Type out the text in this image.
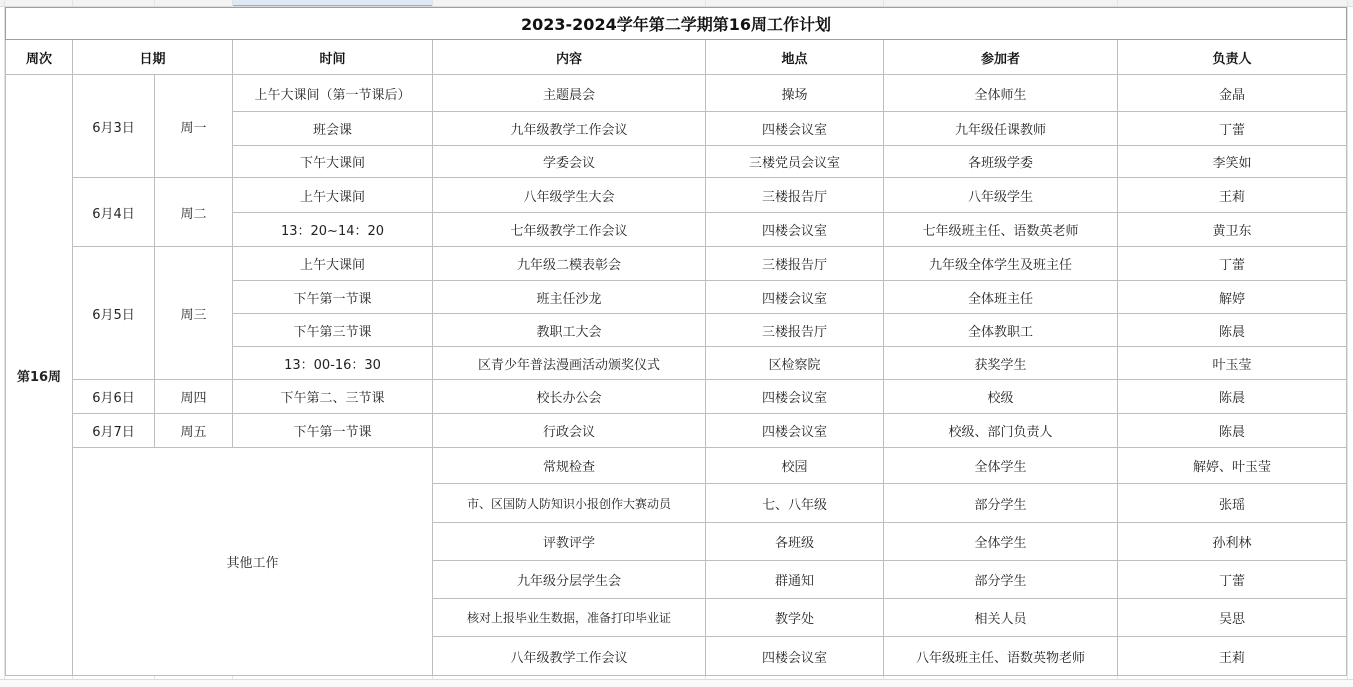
2023-2024学年第二学期第16周工作计划							
周次	日期		时间	内容	地点	参加者	负责人
第16周	6月3日	周一	上午大课间（第一节课后）	主题晨会	操场	全体师生	金晶
			班会课	九年级教学工作会议	四楼会议室	九年级任课教师	丁蕾
			下午大课间	学委会议	三楼党员会议室	各班级学委	李笑如
	6月4日	周二	上午大课间	八年级学生大会	三楼报告厅	八年级学生	王莉
			13：20~14：20	七年级教学工作会议	四楼会议室	七年级班主任、语数英老师	黄卫东
	6月5日	周三	上午大课间	九年级二模表彰会	三楼报告厅	九年级全体学生及班主任	丁蕾
			下午第一节课	班主任沙龙	四楼会议室	全体班主任	解婷
			下午第三节课	教职工大会	三楼报告厅	全体教职工	陈晨
			13：00-16：30	区青少年普法漫画活动颁奖仪式	区检察院	获奖学生	叶玉莹
	6月6日	周四	下午第二、三节课	校长办公会	四楼会议室	校级	陈晨
	6月7日	周五	下午第一节课	行政会议	四楼会议室	校级、部门负责人	陈晨
	其他工作			常规检查	校园	全体学生	解婷、叶玉莹
				市、区国防人防知识小报创作大赛动员	七、八年级	部分学生	张瑶
				评教评学	各班级	全体学生	孙利林
				九年级分层学生会	群通知	部分学生	丁蕾
				核对上报毕业生数据，准备打印毕业证	教学处	相关人员	吴思
				八年级教学工作会议	四楼会议室	八年级班主任、语数英物老师	王莉
